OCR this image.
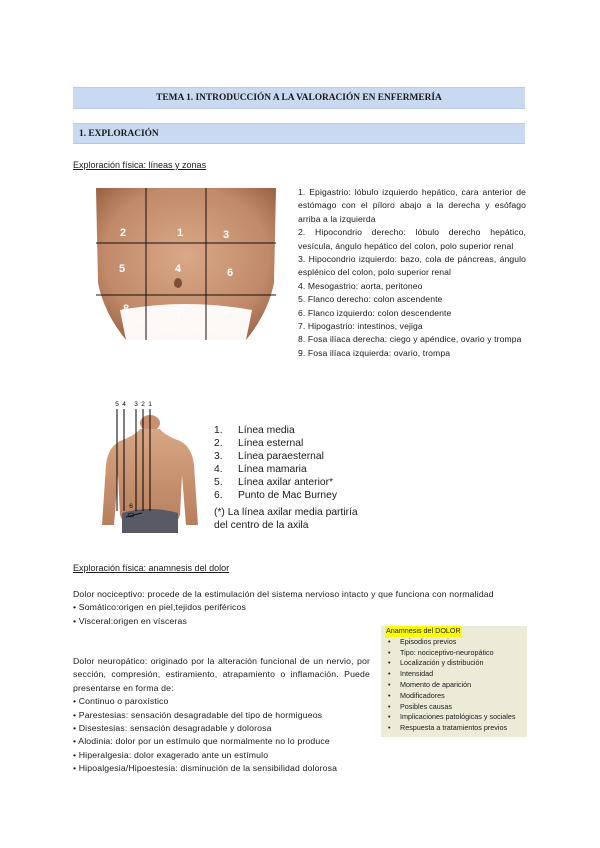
TEMA 1. INTRODUCCIÓN A LA VALORACIÓN EN ENFERMERÍA
1. EXPLORACIÓN
Exploración física: líneas y zonas
2	1	3
5	4	6
8
7	9
1. Epigastrio: lóbulo izquierdo hepático, cara anterior de estómago con el píloro abajo a la derecha y esófago arriba a la izquierda
2. Hipocondrio derecho: lóbulo derecho hepático, vesícula, ángulo hepático del colon, polo superior renal
3. Hipocondrio izquierdo: bazo, cola de páncreas, ángulo esplénico del colon, polo superior renal
4. Mesogastrio: aorta, peritoneo
5. Flanco derecho: colon ascendente
6. Flanco izquierdo: colon descendente
7. Hipogastrio: intestinos, vejiga
8. Fosa ilíaca derecha: ciego y apéndice, ovario y trompa
9. Fosa ilíaca izquierda: ovario, trompa
5 4 3 2 1
6
1.	Línea media
2.	Línea esternal
3.	Línea paraesternal
4.	Línea mamaria
5.	Línea axilar anterior*
6.	Punto de Mac Burney
(*) La línea axilar media partiría del centro de la axila
Exploración física: anamnesis del dolor
Dolor nociceptivo: procede de la estimulación del sistema nervioso intacto y que funciona con normalidad
• Somático:origen en piel,tejidos periféricos
• Visceral:origen en vísceras
Dolor neuropático: originado por la alteración funcional de un nervio, por sección, compresión, estiramiento, atrapamiento o inflamación. Puede presentarse en forma de:
• Continuo o paroxístico
• Parestesias: sensación desagradable del tipo de hormigueos
• Disestesias: sensación desagradable y dolorosa
• Alodinia: dolor por un estímulo que normalmente no lo produce
• Hiperalgesia: dolor exagerado ante un estímulo
• Hipoalgesia/Hipoestesia: disminución de la sensibilidad dolorosa
Anamnesis del DOLOR
• Episodios previos
• Tipo: nociceptivo-neuropático
• Localización y distribución
• Intensidad
• Momento de aparición
• Modificadores
• Posibles causas
• Implicaciones patológicas y sociales
• Respuesta a tratamientos previos
